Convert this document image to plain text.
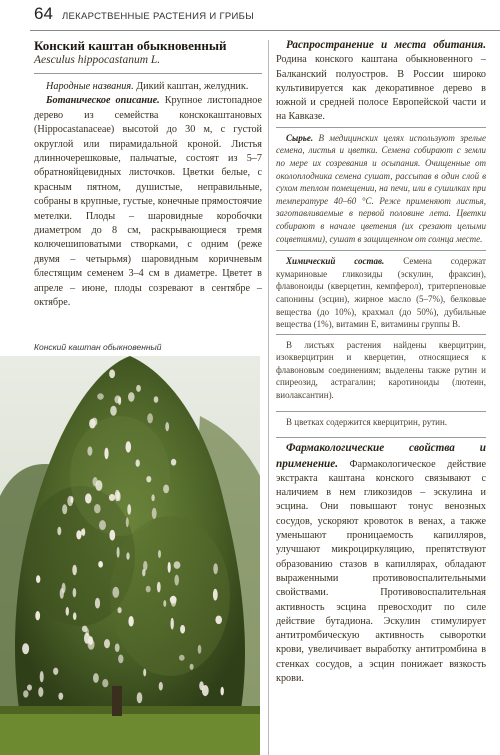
64 ЛЕКАРСТВЕННЫЕ РАСТЕНИЯ И ГРИБЫ
Конский каштан обыкновенный
Aesculus hippocastanum L.

Народные названия. Дикий каштан, желудник.

Ботаническое описание. Крупное листопадное дерево из семейства конскокаштановых (Hippocastanaceae) высотой до 30 м, с густой округлой или пирамидальной кроной. Листья длинночерешковые, пальчатые, состоят из 5–7 обратнояйцевидных листочков. Цветки белые, с красным пятном, душистые, неправильные, собраны в крупные, густые, конечные прямостоячие метелки. Плоды – шаровидные коробочки диаметром до 8 см, раскрывающиеся тремя колючешиповатыми створками, с одним (реже двумя – четырьмя) шаровидным коричневым блестящим семенем 3–4 см в диаметре. Цветет в апреле – июне, плоды созревают в сентябре – октябре.

Конский каштан обыкновенный

Распространение и места обитания. Родина конского каштана обыкновенного – Балканский полуостров. В России широко культивируется как декоративное дерево в южной и средней полосе Европейской части и на Кавказе.

Сырье. В медицинских целях используют зрелые семена, листья и цветки. Семена собирают с земли по мере их созревания и осыпания. Очищенные от околоплодника семена сушат, рассыпав в один слой в сухом теплом помещении, на печи, или в сушилках при температуре 40–60 °С. Реже применяют листья, заготавливаемые в первой половине лета. Цветки собирают в начале цветения (их срезают целыми соцветиями), сушат в защищенном от солнца месте.

Химический состав. Семена содержат кумариновые гликозиды (эскулин, фраксин), флавоноиды (кверцетин, кемпферол), тритерпеновые сапонины (эсцин), жирное масло (5–7%), белковые вещества (до 10%), крахмал (до 50%), дубильные вещества (1%), витамин Е, витамины группы В.

В листьях растения найдены кверцитрин, изокверцитрин и кверцетин, относящиеся к флавоновым соединениям; выделены также рутин и спиреозид, астрагалин; каротиноиды (лютеин, виолаксантин).

В цветках содержится кверцитрин, рутин.

Фармакологические свойства и применение. Фармакологическое действие экстракта каштана конского связывают с наличием в нем гликозидов – эскулина и эсцина. Они повышают тонус венозных сосудов, ускоряют кровоток в венах, а также уменьшают проницаемость капилляров, улучшают микроциркуляцию, препятствуют образованию стазов в капиллярах, обладают выраженными противовоспалительными свойствами. Противовоспалительная активность эсцина превосходит по силе действие бутадиона. Эскулин стимулирует антитромбическую активность сыворотки крови, увеличивает выработку антитромбина в стенках сосудов, а эсцин понижает вязкость крови.
